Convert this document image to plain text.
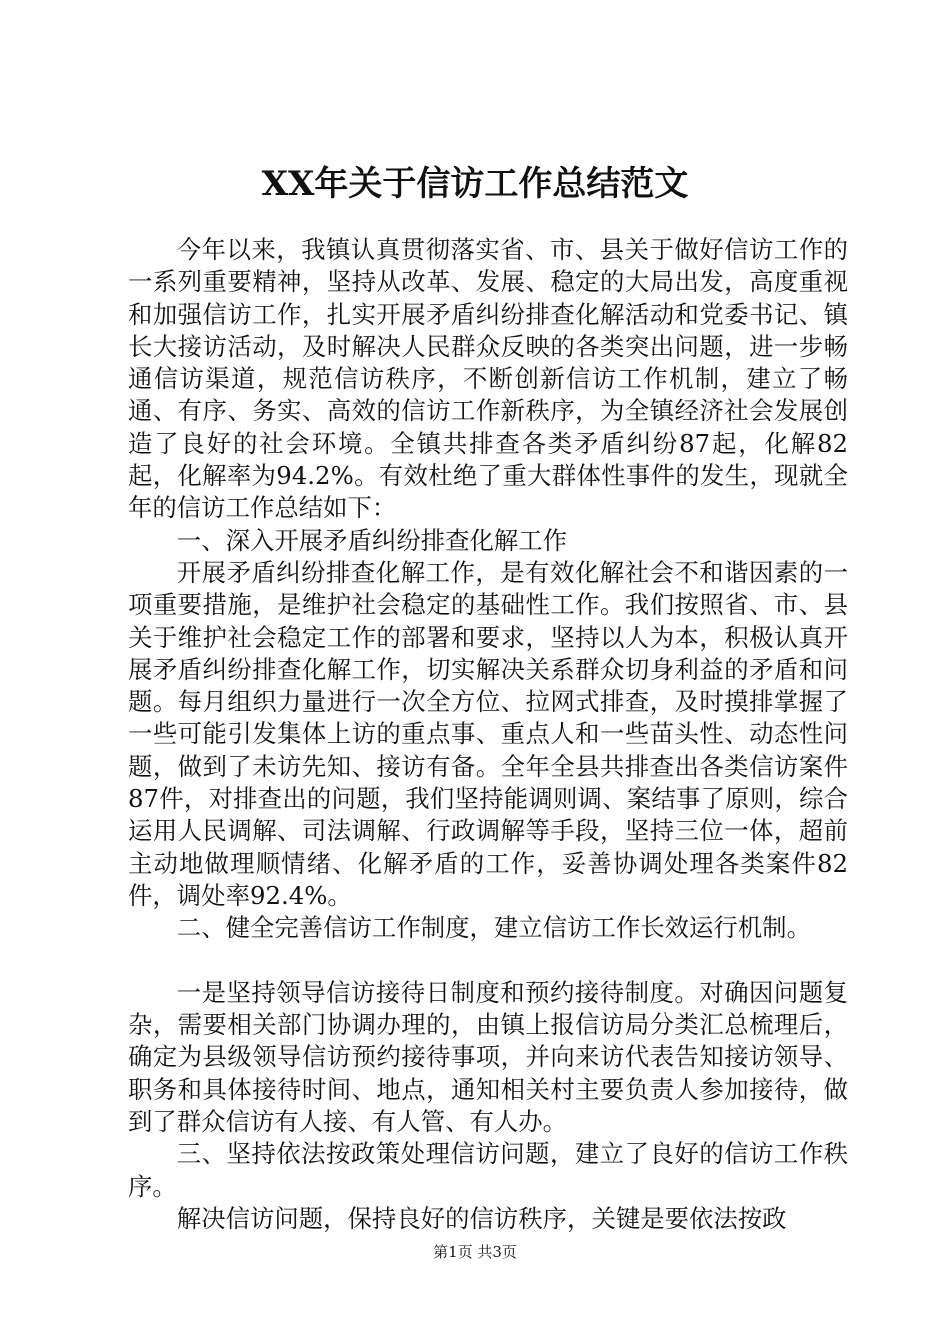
XX年关于信访工作总结范文

今年以来，我镇认真贯彻落实省、市、县关于做好信访工作的一系列重要精神，坚持从改革、发展、稳定的大局出发，高度重视和加强信访工作，扎实开展矛盾纠纷排查化解活动和党委书记、镇长大接访活动，及时解决人民群众反映的各类突出问题，进一步畅通信访渠道，规范信访秩序，不断创新信访工作机制，建立了畅通、有序、务实、高效的信访工作新秩序，为全镇经济社会发展创造了良好的社会环境。全镇共排查各类矛盾纠纷87起，化解82起，化解率为94.2%。有效杜绝了重大群体性事件的发生，现就全年的信访工作总结如下：

一、深入开展矛盾纠纷排查化解工作

开展矛盾纠纷排查化解工作，是有效化解社会不和谐因素的一项重要措施，是维护社会稳定的基础性工作。我们按照省、市、县关于维护社会稳定工作的部署和要求，坚持以人为本，积极认真开展矛盾纠纷排查化解工作，切实解决关系群众切身利益的矛盾和问题。每月组织力量进行一次全方位、拉网式排查，及时摸排掌握了一些可能引发集体上访的重点事、重点人和一些苗头性、动态性问题，做到了未访先知、接访有备。全年全县共排查出各类信访案件87件，对排查出的问题，我们坚持能调则调、案结事了原则，综合运用人民调解、司法调解、行政调解等手段，坚持三位一体，超前主动地做理顺情绪、化解矛盾的工作，妥善协调处理各类案件82件，调处率92.4%。

二、健全完善信访工作制度，建立信访工作长效运行机制。

一是坚持领导信访接待日制度和预约接待制度。对确因问题复杂，需要相关部门协调办理的，由镇上报信访局分类汇总梳理后，确定为县级领导信访预约接待事项，并向来访代表告知接访领导、职务和具体接待时间、地点，通知相关村主要负责人参加接待，做到了群众信访有人接、有人管、有人办。

三、坚持依法按政策处理信访问题，建立了良好的信访工作秩序。

解决信访问题，保持良好的信访秩序，关键是要依法按政

第1页 共3页
